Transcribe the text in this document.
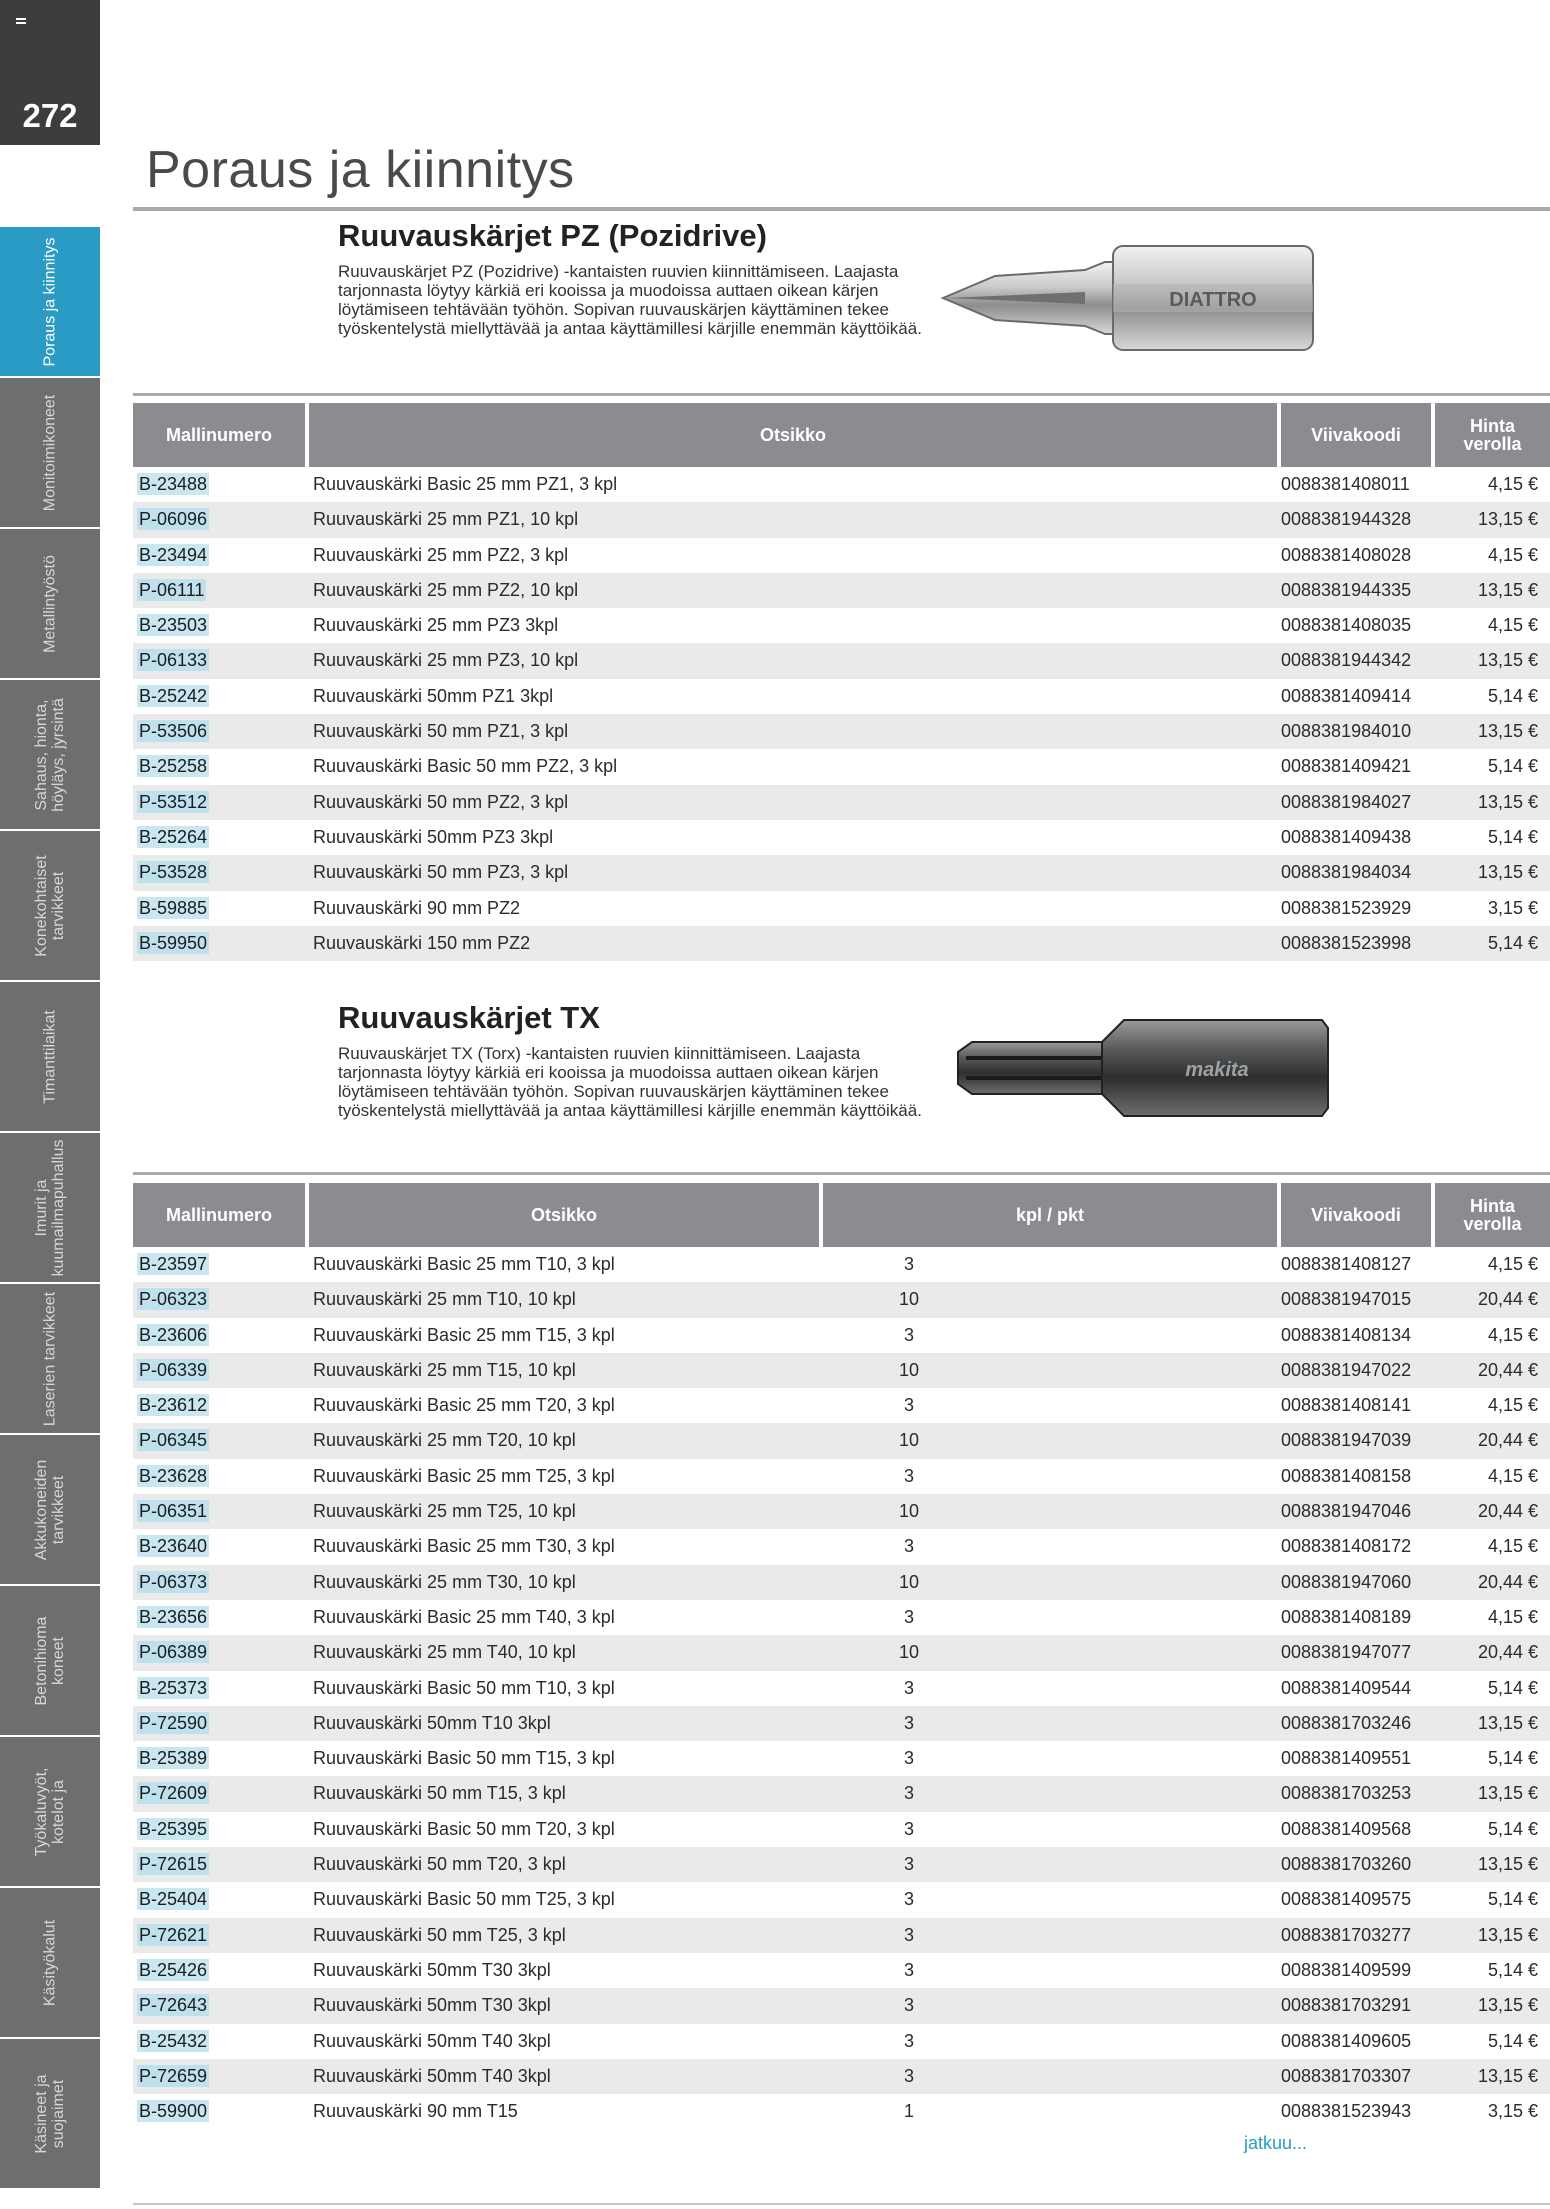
272
Poraus ja kiinnitys
Monitoimikoneet
Metallintyöstö
Sahaus, hionta, höyläys, jyrsintä
Konekohtaiset tarvikkeet
Timanttilaikat
Imurit ja kuumailmapuhallus
Laserien tarvikkeet
Akkukoneiden tarvikkeet
Betonihioma koneet
Työkaluvyöt, kotelot ja
Käsityökalut
Käsineet ja suojaimet
Poraus ja kiinnitys
Ruuvauskärjet PZ (Pozidrive)

Ruuvauskärjet PZ (Pozidrive) -kantaisten ruuvien kiinnittämiseen. Laajasta tarjonnasta löytyy kärkiä eri kooissa ja muodoissa auttaen oikean kärjen löytämiseen tehtävään työhön. Sopivan ruuvauskärjen käyttäminen tekee työskentelystä miellyttävää ja antaa käyttämillesi kärjille enemmän käyttöikää.

DIATTRO
Mallinumero	Otsikko	Viivakoodi	Hinta verolla
B-23488	Ruuvauskärki Basic 25 mm PZ1, 3 kpl	0088381408011	4,15 €
P-06096	Ruuvauskärki 25 mm PZ1, 10 kpl	0088381944328	13,15 €
B-23494	Ruuvauskärki 25 mm PZ2, 3 kpl	0088381408028	4,15 €
P-06111	Ruuvauskärki 25 mm PZ2, 10 kpl	0088381944335	13,15 €
B-23503	Ruuvauskärki 25 mm PZ3 3kpl	0088381408035	4,15 €
P-06133	Ruuvauskärki 25 mm PZ3, 10 kpl	0088381944342	13,15 €
B-25242	Ruuvauskärki 50mm PZ1 3kpl	0088381409414	5,14 €
P-53506	Ruuvauskärki 50 mm PZ1, 3 kpl	0088381984010	13,15 €
B-25258	Ruuvauskärki Basic 50 mm PZ2, 3 kpl	0088381409421	5,14 €
P-53512	Ruuvauskärki 50 mm PZ2, 3 kpl	0088381984027	13,15 €
B-25264	Ruuvauskärki 50mm PZ3 3kpl	0088381409438	5,14 €
P-53528	Ruuvauskärki 50 mm PZ3, 3 kpl	0088381984034	13,15 €
B-59885	Ruuvauskärki 90 mm PZ2	0088381523929	3,15 €
B-59950	Ruuvauskärki 150 mm PZ2	0088381523998	5,14 €
Ruuvauskärjet TX

Ruuvauskärjet TX (Torx) -kantaisten ruuvien kiinnittämiseen. Laajasta tarjonnasta löytyy kärkiä eri kooissa ja muodoissa auttaen oikean kärjen löytämiseen tehtävään työhön. Sopivan ruuvauskärjen käyttäminen tekee työskentelystä miellyttävää ja antaa käyttämillesi kärjille enemmän käyttöikää.

makita
Mallinumero	Otsikko	kpl / pkt	Viivakoodi	Hinta verolla
B-23597	Ruuvauskärki Basic 25 mm T10, 3 kpl	3	0088381408127	4,15 €
P-06323	Ruuvauskärki 25 mm T10, 10 kpl	10	0088381947015	20,44 €
B-23606	Ruuvauskärki Basic 25 mm T15, 3 kpl	3	0088381408134	4,15 €
P-06339	Ruuvauskärki 25 mm T15, 10 kpl	10	0088381947022	20,44 €
B-23612	Ruuvauskärki Basic 25 mm T20, 3 kpl	3	0088381408141	4,15 €
P-06345	Ruuvauskärki 25 mm T20, 10 kpl	10	0088381947039	20,44 €
B-23628	Ruuvauskärki Basic 25 mm T25, 3 kpl	3	0088381408158	4,15 €
P-06351	Ruuvauskärki 25 mm T25, 10 kpl	10	0088381947046	20,44 €
B-23640	Ruuvauskärki Basic 25 mm T30, 3 kpl	3	0088381408172	4,15 €
P-06373	Ruuvauskärki 25 mm T30, 10 kpl	10	0088381947060	20,44 €
B-23656	Ruuvauskärki Basic 25 mm T40, 3 kpl	3	0088381408189	4,15 €
P-06389	Ruuvauskärki 25 mm T40, 10 kpl	10	0088381947077	20,44 €
B-25373	Ruuvauskärki Basic 50 mm T10, 3 kpl	3	0088381409544	5,14 €
P-72590	Ruuvauskärki 50mm T10 3kpl	3	0088381703246	13,15 €
B-25389	Ruuvauskärki Basic 50 mm T15, 3 kpl	3	0088381409551	5,14 €
P-72609	Ruuvauskärki 50 mm T15, 3 kpl	3	0088381703253	13,15 €
B-25395	Ruuvauskärki Basic 50 mm T20, 3 kpl	3	0088381409568	5,14 €
P-72615	Ruuvauskärki 50 mm T20, 3 kpl	3	0088381703260	13,15 €
B-25404	Ruuvauskärki Basic 50 mm T25, 3 kpl	3	0088381409575	5,14 €
P-72621	Ruuvauskärki 50 mm T25, 3 kpl	3	0088381703277	13,15 €
B-25426	Ruuvauskärki 50mm T30 3kpl	3	0088381409599	5,14 €
P-72643	Ruuvauskärki 50mm T30 3kpl	3	0088381703291	13,15 €
B-25432	Ruuvauskärki 50mm T40 3kpl	3	0088381409605	5,14 €
P-72659	Ruuvauskärki 50mm T40 3kpl	3	0088381703307	13,15 €
B-59900	Ruuvauskärki 90 mm T15	1	0088381523943	3,15 €
jatkuu...
